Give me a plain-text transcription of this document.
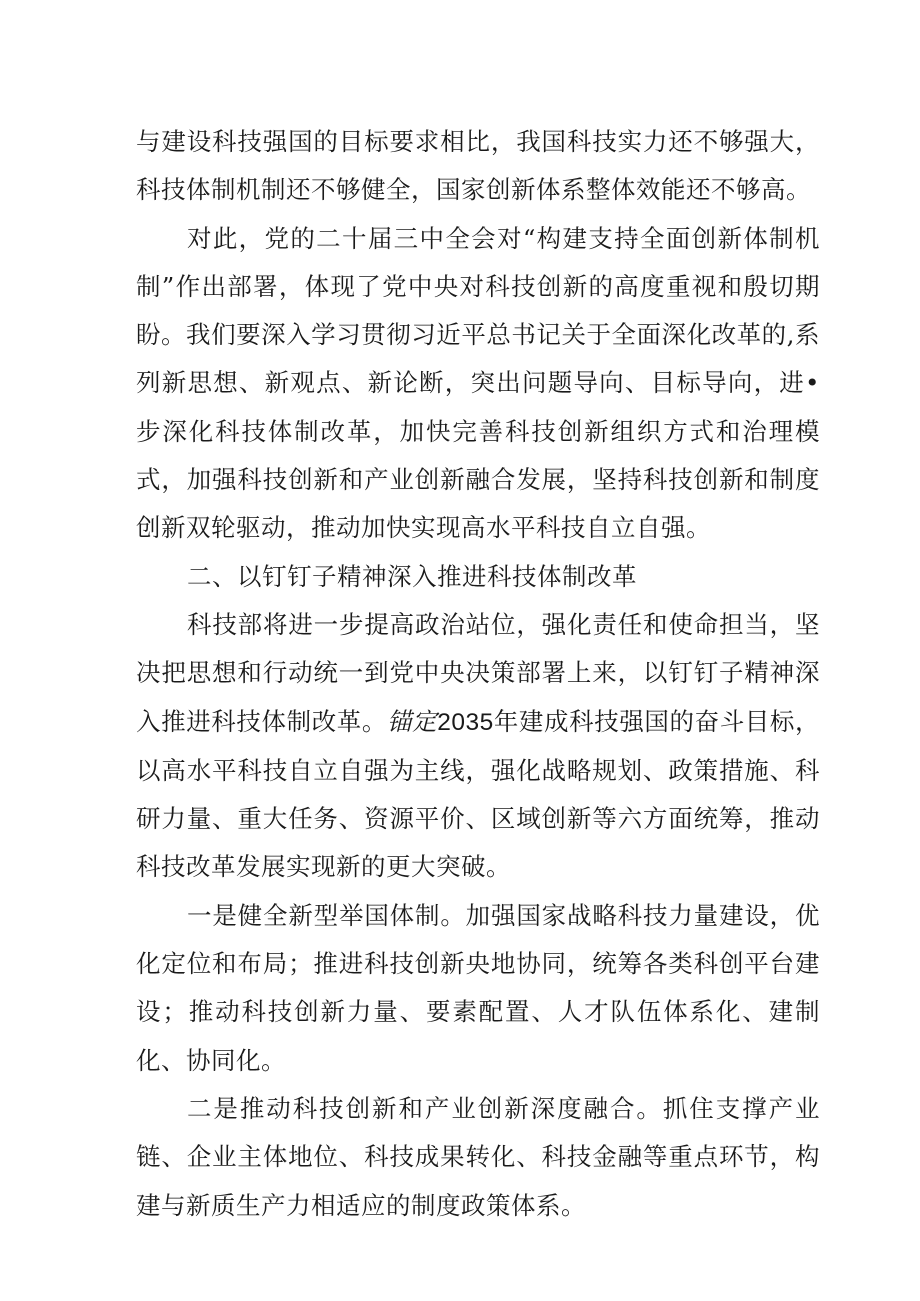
与建设科技强国的目标要求相比，我国科技实力还不够强大，科技体制机制还不够健全，国家创新体系整体效能还不够高。

对此，党的二十届三中全会对“构建支持全面创新体制机制”作出部署，体现了党中央对科技创新的高度重视和殷切期盼。我们要深入学习贯彻习近平总书记关于全面深化改革的,系列新思想、新观点、新论断，突出问题导向、目标导向，进•步深化科技体制改革，加快完善科技创新组织方式和治理模式，加强科技创新和产业创新融合发展，坚持科技创新和制度创新双轮驱动，推动加快实现高水平科技自立自强。

二、以钉钉子精神深入推进科技体制改革

科技部将进一步提高政治站位，强化责任和使命担当，坚决把思想和行动统一到党中央决策部署上来，以钉钉子精神深入推进科技体制改革。锚定2035年建成科技强国的奋斗目标，以高水平科技自立自强为主线，强化战略规划、政策措施、科研力量、重大任务、资源平价、区域创新等六方面统筹，推动科技改革发展实现新的更大突破。

一是健全新型举国体制。加强国家战略科技力量建设，优化定位和布局；推进科技创新央地协同，统筹各类科创平台建设；推动科技创新力量、要素配置、人才队伍体系化、建制化、协同化。

二是推动科技创新和产业创新深度融合。抓住支撑产业链、企业主体地位、科技成果转化、科技金融等重点环节，构建与新质生产力相适应的制度政策体系。
